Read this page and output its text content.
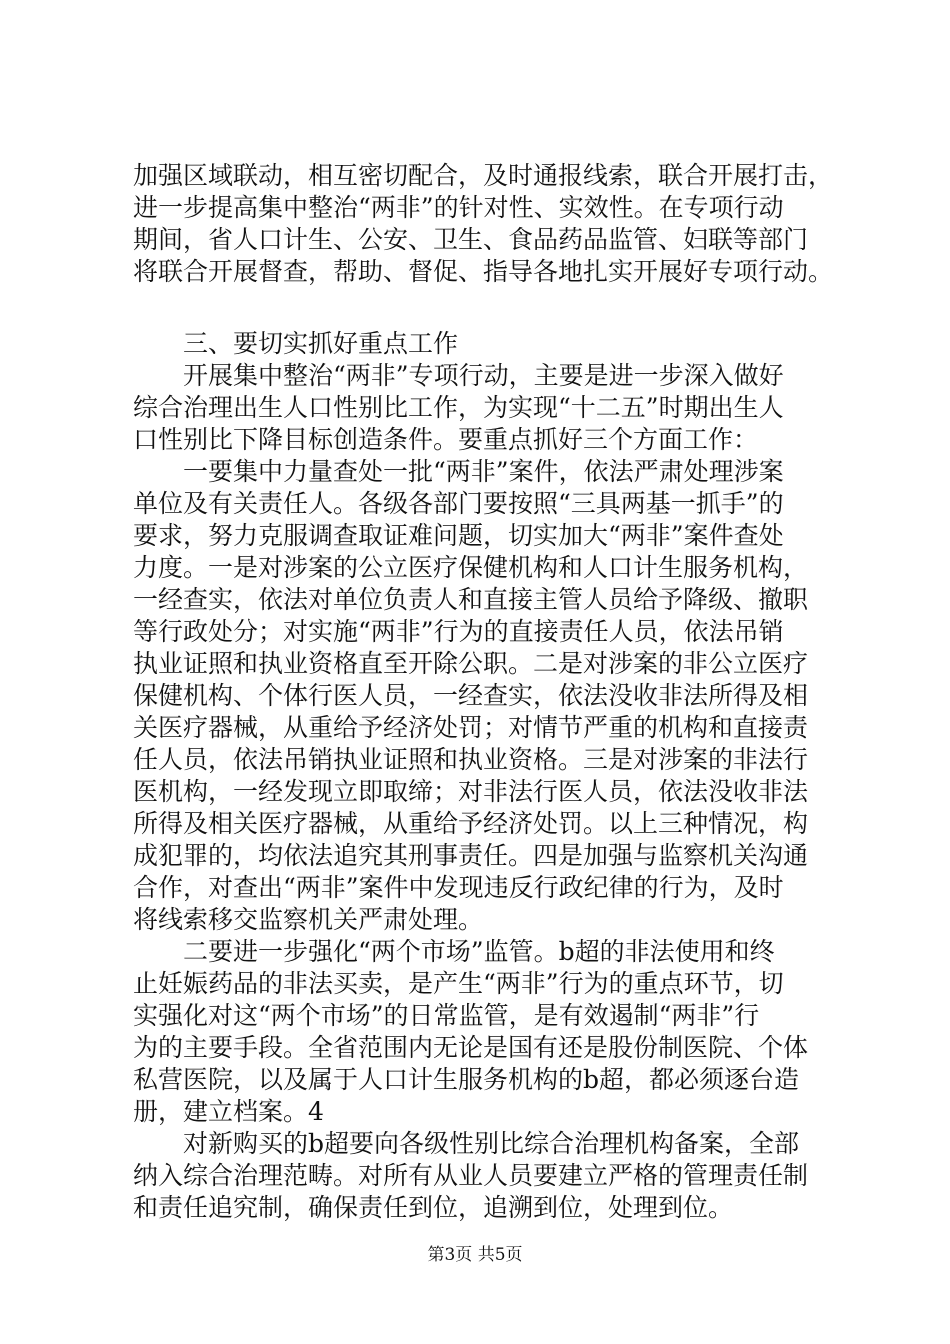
加强区域联动，相互密切配合，及时通报线索，联合开展打击，
进一步提高集中整治“两非”的针对性、实效性。在专项行动
期间，省人口计生、公安、卫生、食品药品监管、妇联等部门
将联合开展督查，帮助、督促、指导各地扎实开展好专项行动。
　　三、要切实抓好重点工作
　　开展集中整治“两非”专项行动，主要是进一步深入做好
综合治理出生人口性别比工作，为实现“十二五”时期出生人
口性别比下降目标创造条件。要重点抓好三个方面工作：
　　一要集中力量查处一批“两非”案件，依法严肃处理涉案
单位及有关责任人。各级各部门要按照“三具两基一抓手”的
要求，努力克服调查取证难问题，切实加大“两非”案件查处
力度。一是对涉案的公立医疗保健机构和人口计生服务机构，
一经查实，依法对单位负责人和直接主管人员给予降级、撤职
等行政处分；对实施“两非”行为的直接责任人员，依法吊销
执业证照和执业资格直至开除公职。二是对涉案的非公立医疗
保健机构、个体行医人员，一经查实，依法没收非法所得及相
关医疗器械，从重给予经济处罚；对情节严重的机构和直接责
任人员，依法吊销执业证照和执业资格。三是对涉案的非法行
医机构，一经发现立即取缔；对非法行医人员，依法没收非法
所得及相关医疗器械，从重给予经济处罚。以上三种情况，构
成犯罪的，均依法追究其刑事责任。四是加强与监察机关沟通
合作，对查出“两非”案件中发现违反行政纪律的行为，及时
将线索移交监察机关严肃处理。
　　二要进一步强化“两个市场”监管。b超的非法使用和终
止妊娠药品的非法买卖，是产生“两非”行为的重点环节，切
实强化对这“两个市场”的日常监管，是有效遏制“两非”行
为的主要手段。全省范围内无论是国有还是股份制医院、个体
私营医院，以及属于人口计生服务机构的b超，都必须逐台造
册，建立档案。4
　　对新购买的b超要向各级性别比综合治理机构备案，全部
纳入综合治理范畴。对所有从业人员要建立严格的管理责任制
和责任追究制，确保责任到位，追溯到位，处理到位。
第3页 共5页
